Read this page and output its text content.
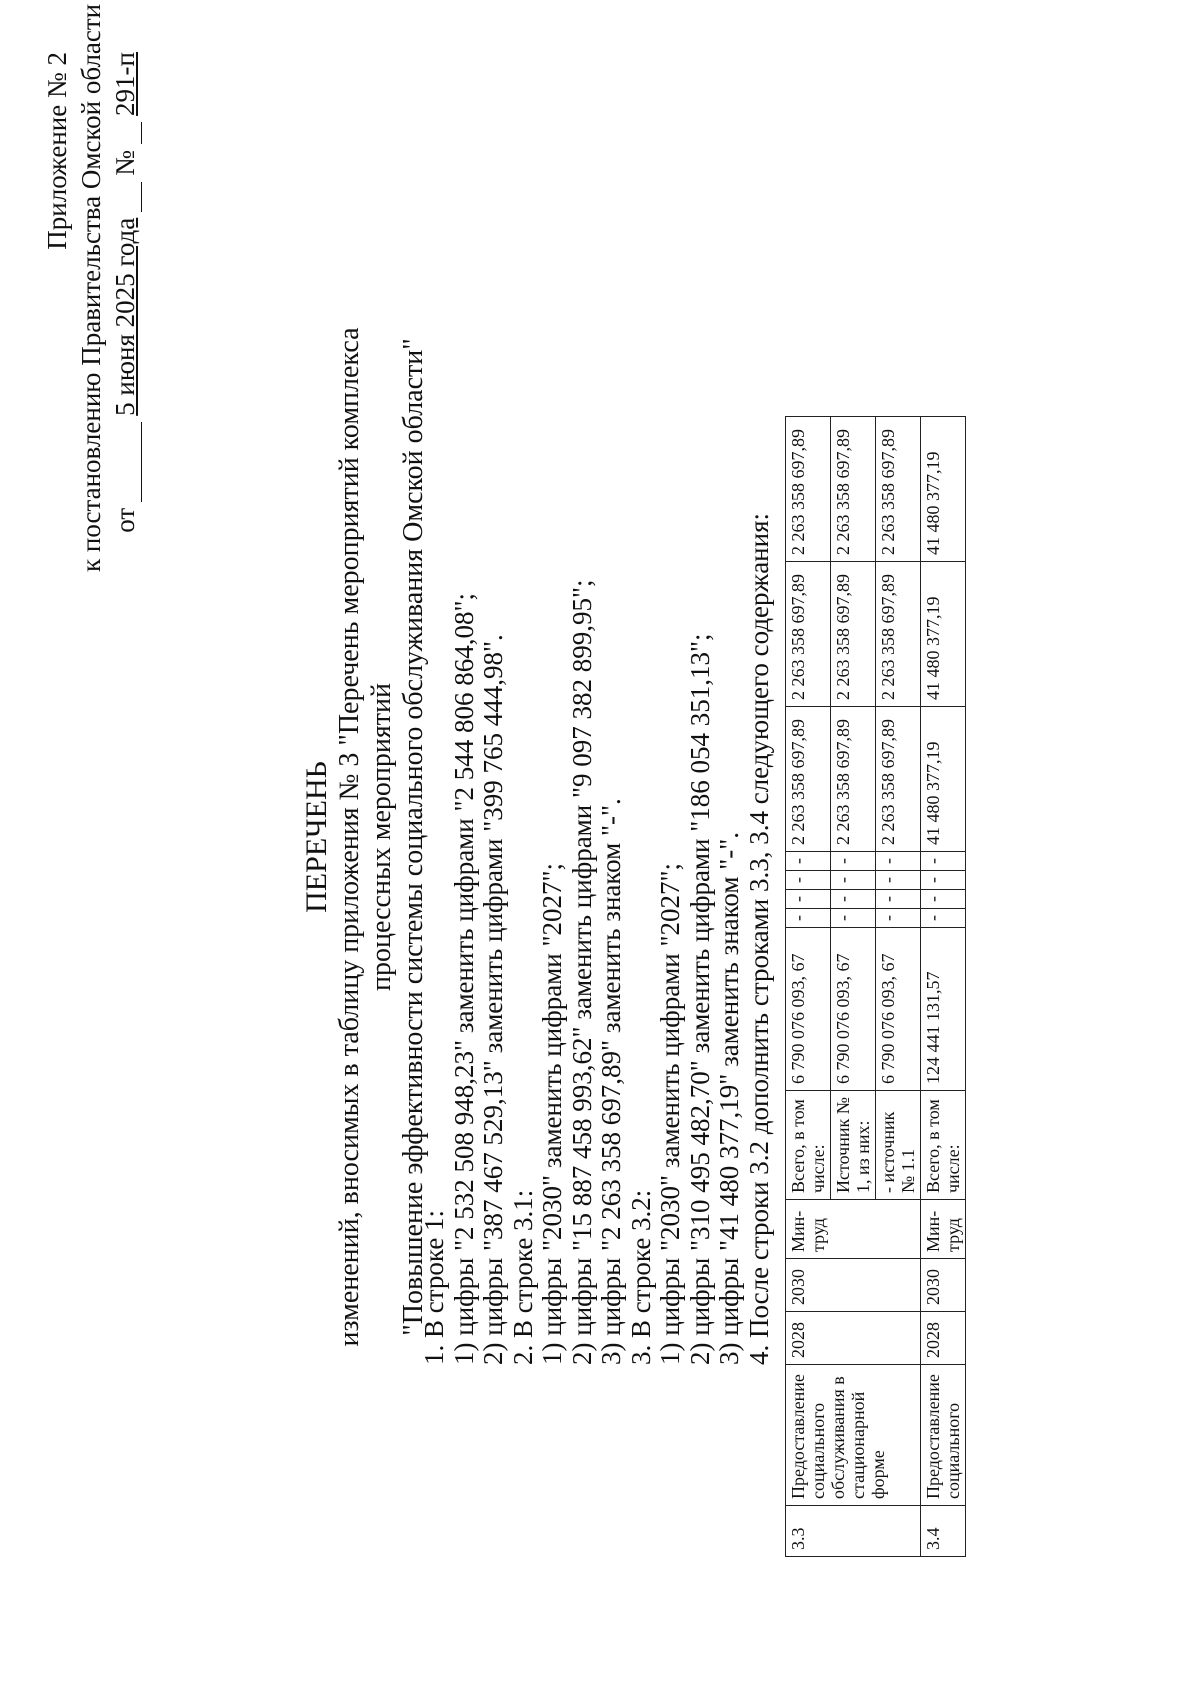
Приложение № 2 к постановлению Правительства Омской области от
5 июня 2025 года
№
291-п
ПЕРЕЧЕНЬ изменений, вносимых в таблицу приложения № 3 "Перечень мероприятий комплекса процессных мероприятий "Повышение эффективности системы социального обслуживания Омской области"
1. В строке 1: 1) цифры "2 532 508 948,23" заменить цифрами "2 544 806 864,08"; 2) цифры "387 467 529,13" заменить цифрами "399 765 444,98". 2. В строке 3.1: 1) цифры "2030" заменить цифрами "2027"; 2) цифры "15 887 458 993,62" заменить цифрами "9 097 382 899,95"; 3) цифры "2 263 358 697,89" заменить знаком "-". 3. В строке 3.2: 1) цифры "2030" заменить цифрами "2027"; 2) цифры "310 495 482,70" заменить цифрами "186 054 351,13"; 3) цифры "41 480 377,19" заменить знаком "-". 4. После строки 3.2 дополнить строками 3.3, 3.4 следующего содержания:
3.3	Предоставление социального обслуживания в стационарной форме	2028	2030	Мин-труд	Всего, в том числе:	6 790 076 093, 67	-	-	-	-	2 263 358 697,89	2 263 358 697,89	2 263 358 697,89
					Источник № 1, из них:	6 790 076 093, 67	-	-	-	-	2 263 358 697,89	2 263 358 697,89	2 263 358 697,89
					- источник № 1.1	6 790 076 093, 67	-	-	-	-	2 263 358 697,89	2 263 358 697,89	2 263 358 697,89
3.4	Предоставление социального	2028	2030	Мин-труд	Всего, в том числе:	124 441 131,57	-	-	-	-	41 480 377,19	41 480 377,19	41 480 377,19
